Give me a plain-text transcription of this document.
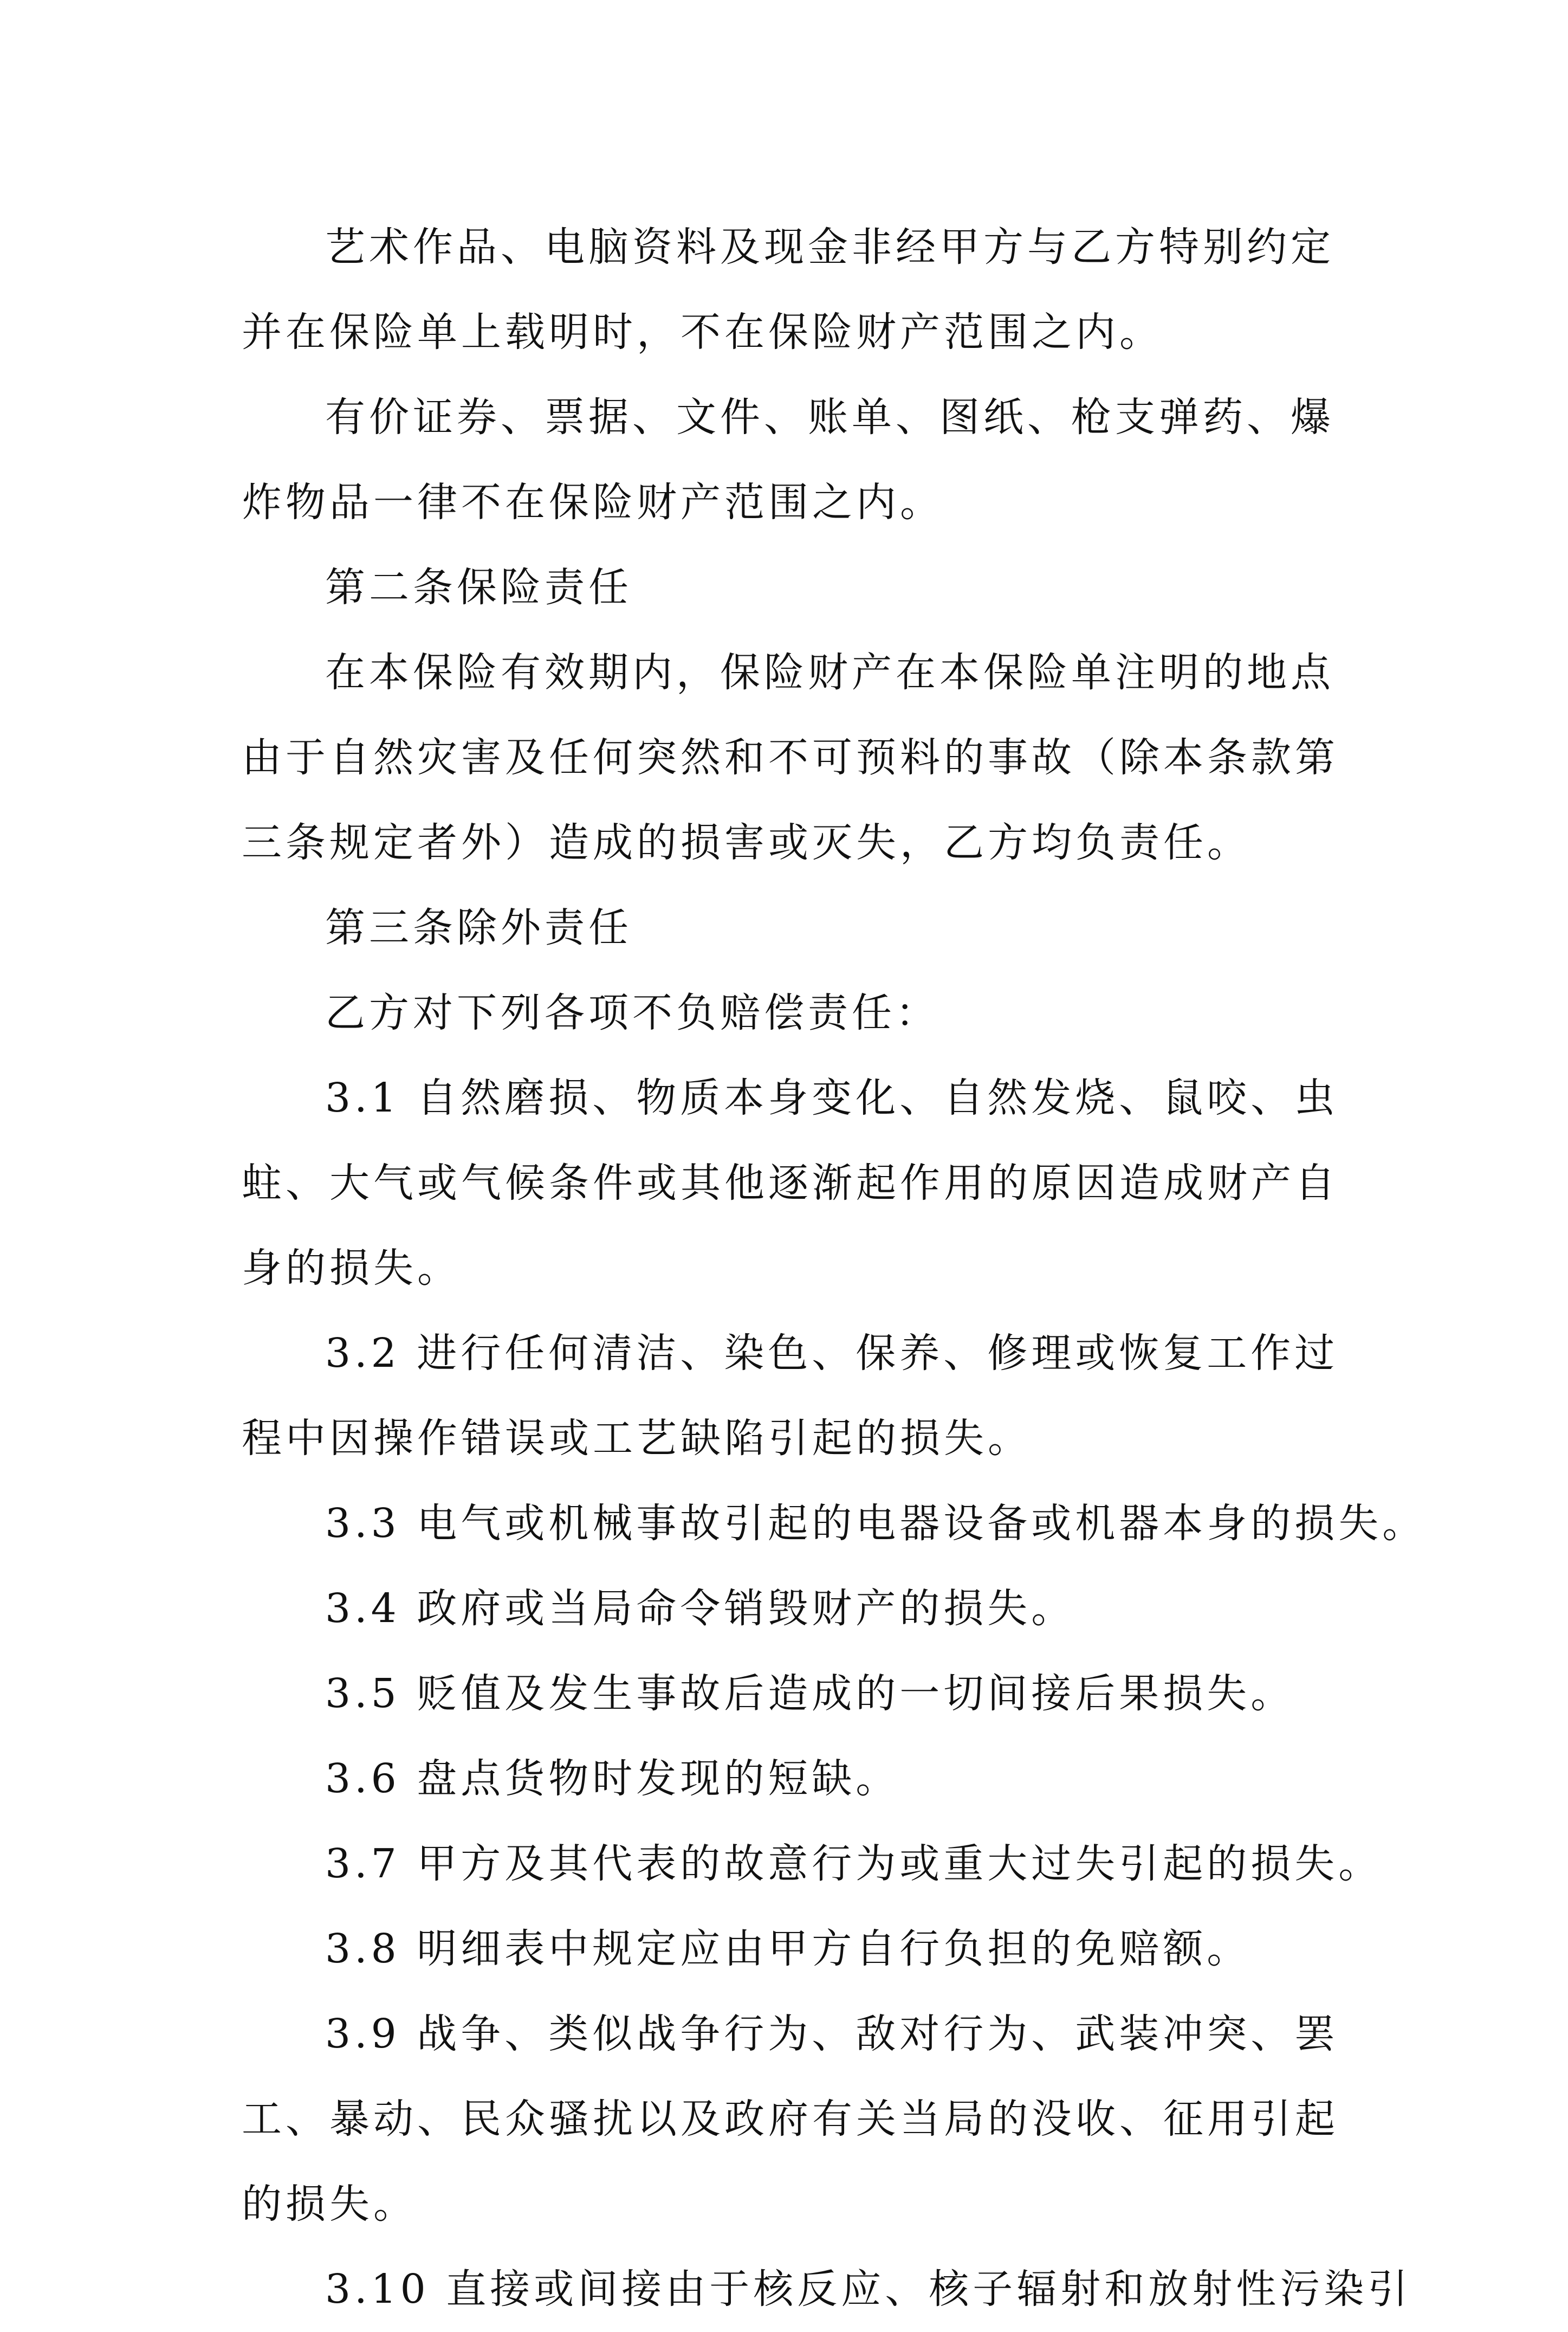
艺术作品、电脑资料及现金非经甲方与乙方特别约定并在保险单上载明时，不在保险财产范围之内。

有价证券、票据、文件、账单、图纸、枪支弹药、爆炸物品一律不在保险财产范围之内。

第二条保险责任

在本保险有效期内，保险财产在本保险单注明的地点由于自然灾害及任何突然和不可预料的事故（除本条款第三条规定者外）造成的损害或灭失，乙方均负责任。

第三条除外责任

乙方对下列各项不负赔偿责任：

3.1 自然磨损、物质本身变化、自然发烧、鼠咬、虫蛀、大气或气候条件或其他逐渐起作用的原因造成财产自身的损失。

3.2 进行任何清洁、染色、保养、修理或恢复工作过程中因操作错误或工艺缺陷引起的损失。

3.3 电气或机械事故引起的电器设备或机器本身的损失。

3.4 政府或当局命令销毁财产的损失。

3.5 贬值及发生事故后造成的一切间接后果损失。

3.6 盘点货物时发现的短缺。

3.7 甲方及其代表的故意行为或重大过失引起的损失。

3.8 明细表中规定应由甲方自行负担的免赔额。

3.9 战争、类似战争行为、敌对行为、武装冲突、罢工、暴动、民众骚扰以及政府有关当局的没收、征用引起的损失。

3.10 直接或间接由于核反应、核子辐射和放射性污染引
